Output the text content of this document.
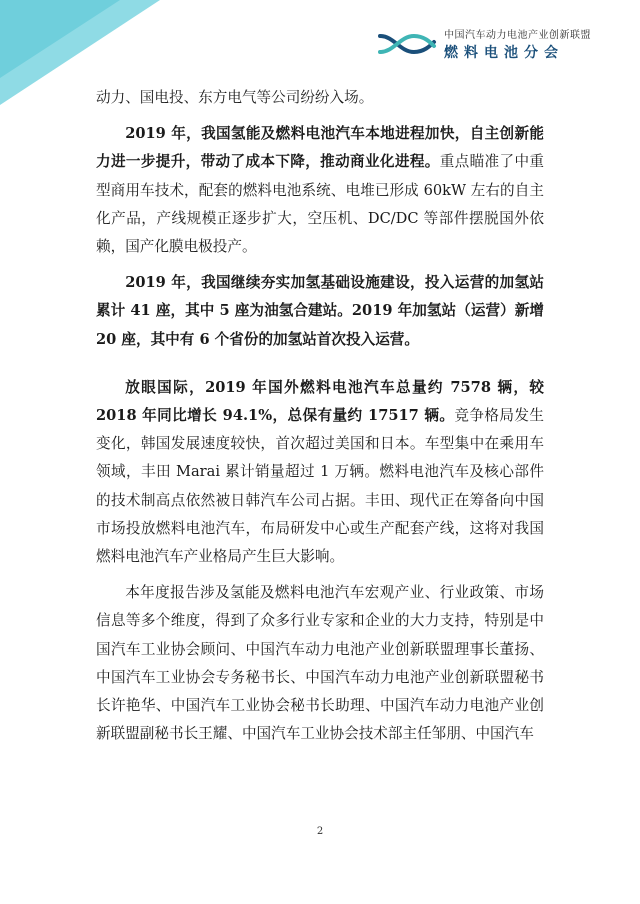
中国汽车动力电池产业创新联盟
燃料电池分会

动力、国电投、东方电气等公司纷纷入场。

2019 年，我国氢能及燃料电池汽车本地进程加快，自主创新能力进一步提升，带动了成本下降，推动商业化进程。重点瞄准了中重型商用车技术，配套的燃料电池系统、电堆已形成 60kW 左右的自主化产品，产线规模正逐步扩大，空压机、DC/DC 等部件摆脱国外依赖，国产化膜电极投产。

2019 年，我国继续夯实加氢基础设施建设，投入运营的加氢站累计 41 座，其中 5 座为油氢合建站。2019 年加氢站（运营）新增 20 座，其中有 6 个省份的加氢站首次投入运营。

放眼国际，2019 年国外燃料电池汽车总量约 7578 辆，较 2018 年同比增长 94.1%，总保有量约 17517 辆。竞争格局发生变化，韩国发展速度较快，首次超过美国和日本。车型集中在乘用车领域，丰田 Marai 累计销量超过 1 万辆。燃料电池汽车及核心部件的技术制高点依然被日韩汽车公司占据。丰田、现代正在筹备向中国市场投放燃料电池汽车，布局研发中心或生产配套产线，这将对我国燃料电池汽车产业格局产生巨大影响。

本年度报告涉及氢能及燃料电池汽车宏观产业、行业政策、市场信息等多个维度，得到了众多行业专家和企业的大力支持，特别是中国汽车工业协会顾问、中国汽车动力电池产业创新联盟理事长董扬、中国汽车工业协会专务秘书长、中国汽车动力电池产业创新联盟秘书长许艳华、中国汽车工业协会秘书长助理、中国汽车动力电池产业创新联盟副秘书长王耀、中国汽车工业协会技术部主任邹朋、中国汽车

2
